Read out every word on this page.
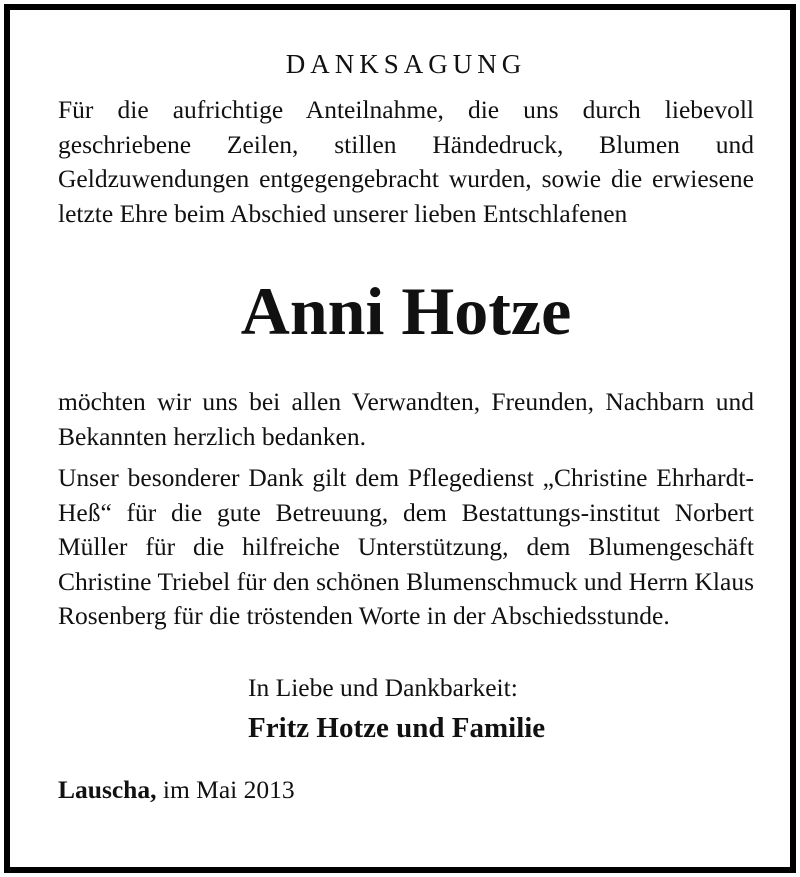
DANKSAGUNG

Für die aufrichtige Anteilnahme, die uns durch liebevoll geschriebene Zeilen, stillen Händedruck, Blumen und Geldzuwendungen entgegengebracht wurden, sowie die erwiesene letzte Ehre beim Abschied unserer lieben Entschlafenen

Anni Hotze

möchten wir uns bei allen Verwandten, Freunden, Nachbarn und Bekannten herzlich bedanken.

Unser besonderer Dank gilt dem Pflegedienst „Christine Ehrhardt-Heß“ für die gute Betreuung, dem Bestattungs-institut Norbert Müller für die hilfreiche Unterstützung, dem Blumengeschäft Christine Triebel für den schönen Blumenschmuck und Herrn Klaus Rosenberg für die tröstenden Worte in der Abschiedsstunde.

In Liebe und Dankbarkeit:

Fritz Hotze und Familie

Lauscha, im Mai 2013
